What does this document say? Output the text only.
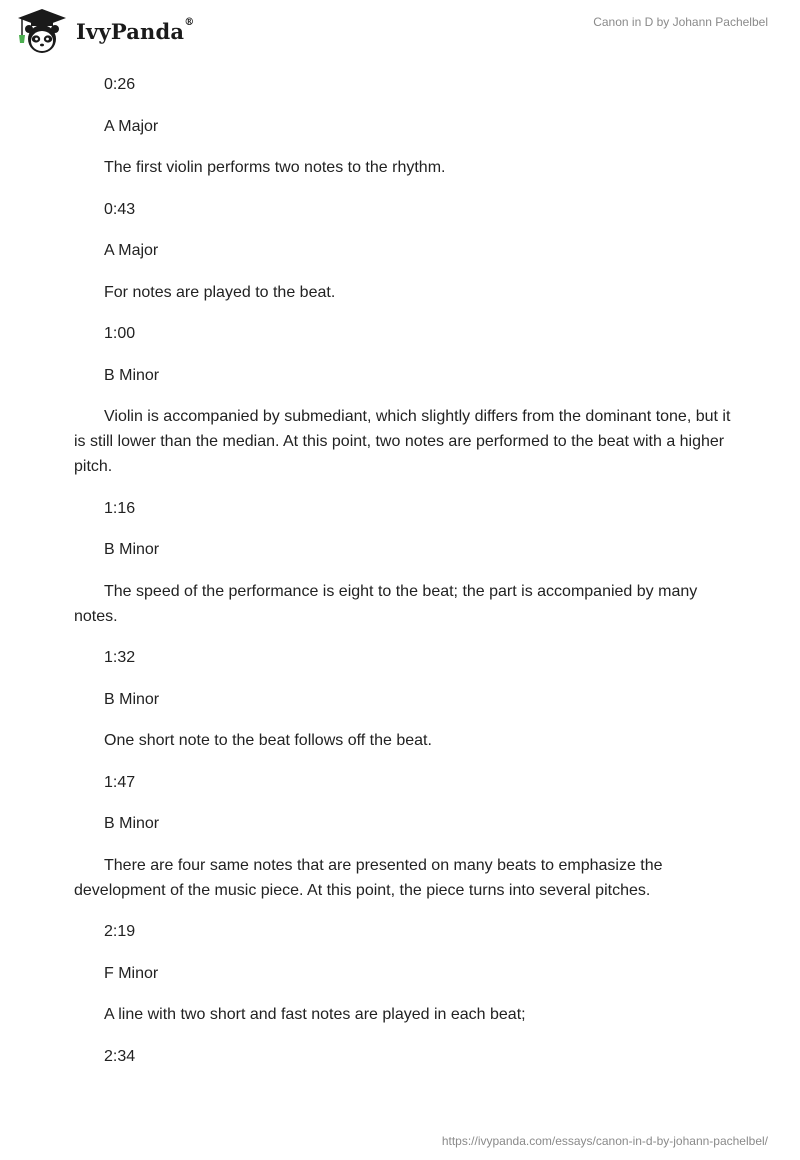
IvyPanda®	Canon in D by Johann Pachelbel

0:26

A Major

The first violin performs two notes to the rhythm.

0:43

A Major

For notes are played to the beat.

1:00

B Minor

Violin is accompanied by submediant, which slightly differs from the dominant tone, but it is still lower than the median. At this point, two notes are performed to the beat with a higher pitch.

1:16

B Minor

The speed of the performance is eight to the beat; the part is accompanied by many notes.

1:32

B Minor

One short note to the beat follows off the beat.

1:47

B Minor

There are four same notes that are presented on many beats to emphasize the development of the music piece. At this point, the piece turns into several pitches.

2:19

F Minor

A line with two short and fast notes are played in each beat;

2:34

https://ivypanda.com/essays/canon-in-d-by-johann-pachelbel/
